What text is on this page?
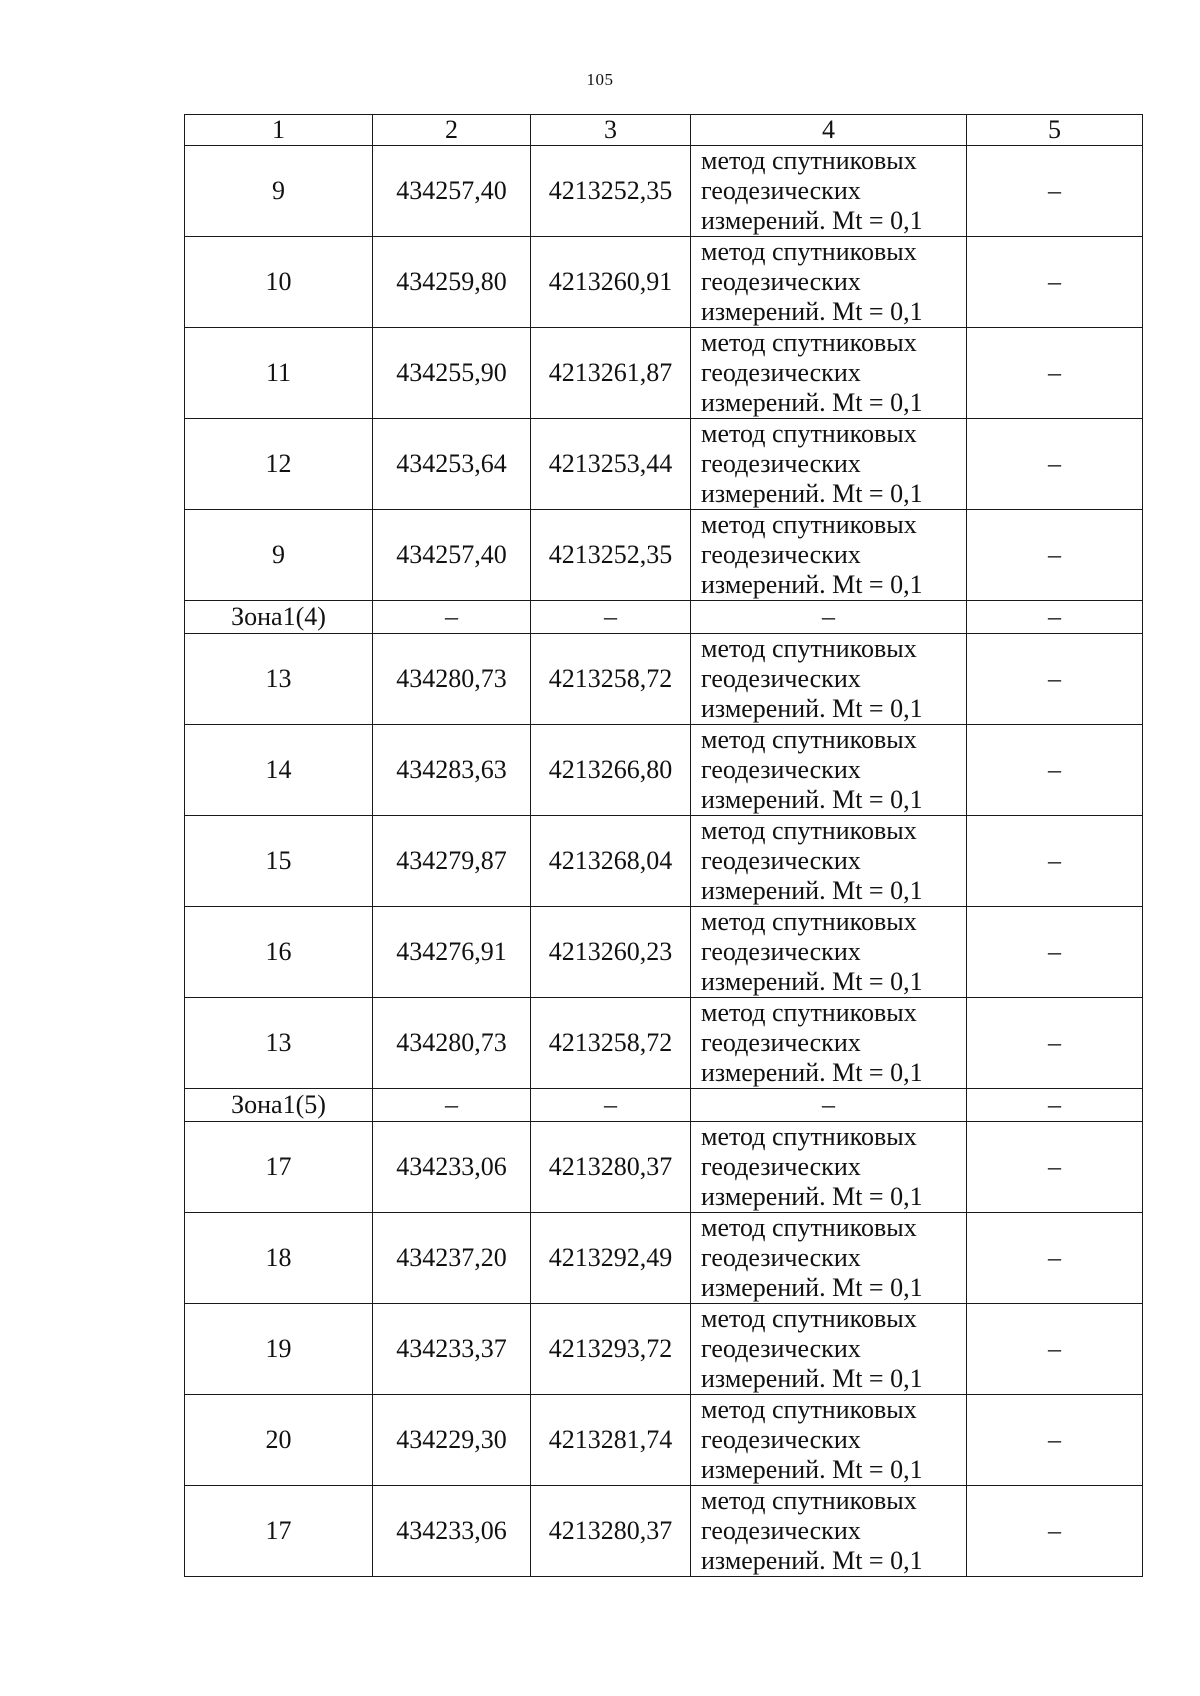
105
1	2	3	4	5
9	434257,40	4213252,35	метод спутниковых
геодезических
измерений. Mt = 0,1	–
10	434259,80	4213260,91	метод спутниковых
геодезических
измерений. Mt = 0,1	–
11	434255,90	4213261,87	метод спутниковых
геодезических
измерений. Mt = 0,1	–
12	434253,64	4213253,44	метод спутниковых
геодезических
измерений. Mt = 0,1	–
9	434257,40	4213252,35	метод спутниковых
геодезических
измерений. Mt = 0,1	–
Зона1(4)	–	–	–	–
13	434280,73	4213258,72	метод спутниковых
геодезических
измерений. Mt = 0,1	–
14	434283,63	4213266,80	метод спутниковых
геодезических
измерений. Mt = 0,1	–
15	434279,87	4213268,04	метод спутниковых
геодезических
измерений. Mt = 0,1	–
16	434276,91	4213260,23	метод спутниковых
геодезических
измерений. Mt = 0,1	–
13	434280,73	4213258,72	метод спутниковых
геодезических
измерений. Mt = 0,1	–
Зона1(5)	–	–	–	–
17	434233,06	4213280,37	метод спутниковых
геодезических
измерений. Mt = 0,1	–
18	434237,20	4213292,49	метод спутниковых
геодезических
измерений. Mt = 0,1	–
19	434233,37	4213293,72	метод спутниковых
геодезических
измерений. Mt = 0,1	–
20	434229,30	4213281,74	метод спутниковых
геодезических
измерений. Mt = 0,1	–
17	434233,06	4213280,37	метод спутниковых
геодезических
измерений. Mt = 0,1	–
